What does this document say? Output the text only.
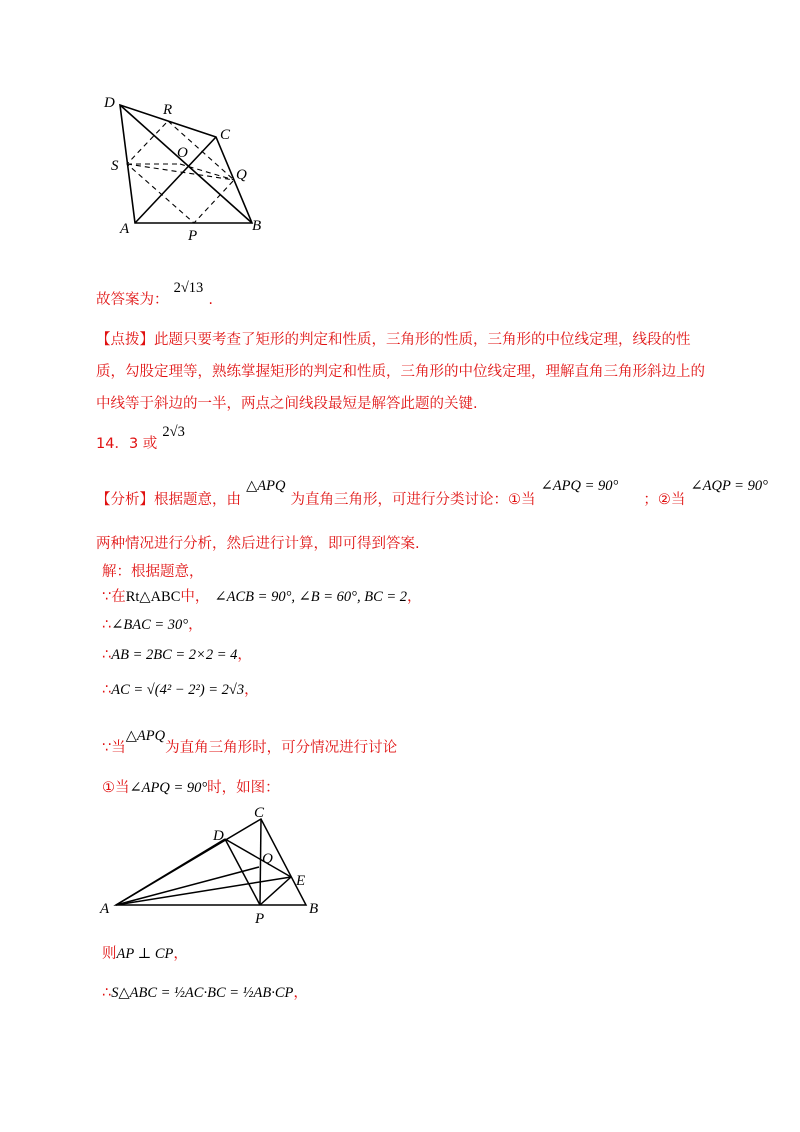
D	R
C
O
S
Q
A	P
B
故答案为： 2√13 .
【点拨】此题只要考查了矩形的判定和性质，三角形的性质，三角形的中位线定理，线段的性质，勾股定理等，熟练掌握矩形的判定和性质，三角形的中位线定理，理解直角三角形斜边上的中线等于斜边的一半，两点之间线段最短是解答此题的关键.
14．3 或 2√3
【分析】根据题意，由 △APQ 为直角三角形，可进行分类讨论：①当 ∠APQ = 90° ；②当 ∠AQP = 90°
两种情况进行分析，然后进行计算，即可得到答案.
解：根据题意，
∵在Rt△ABC中， ∠ACB = 90°, ∠B = 60°, BC = 2，
∴∠BAC = 30°，
∴AB = 2BC = 2×2 = 4，
∴AC = √(4² − 2²) = 2√3，
∵当△APQ为直角三角形时，可分情况进行讨论
①当∠APQ = 90°时，如图：
C
D
Q
E
A
P
B
则AP ⊥ CP，
∴S△ABC = ½AC·BC = ½AB·CP，
